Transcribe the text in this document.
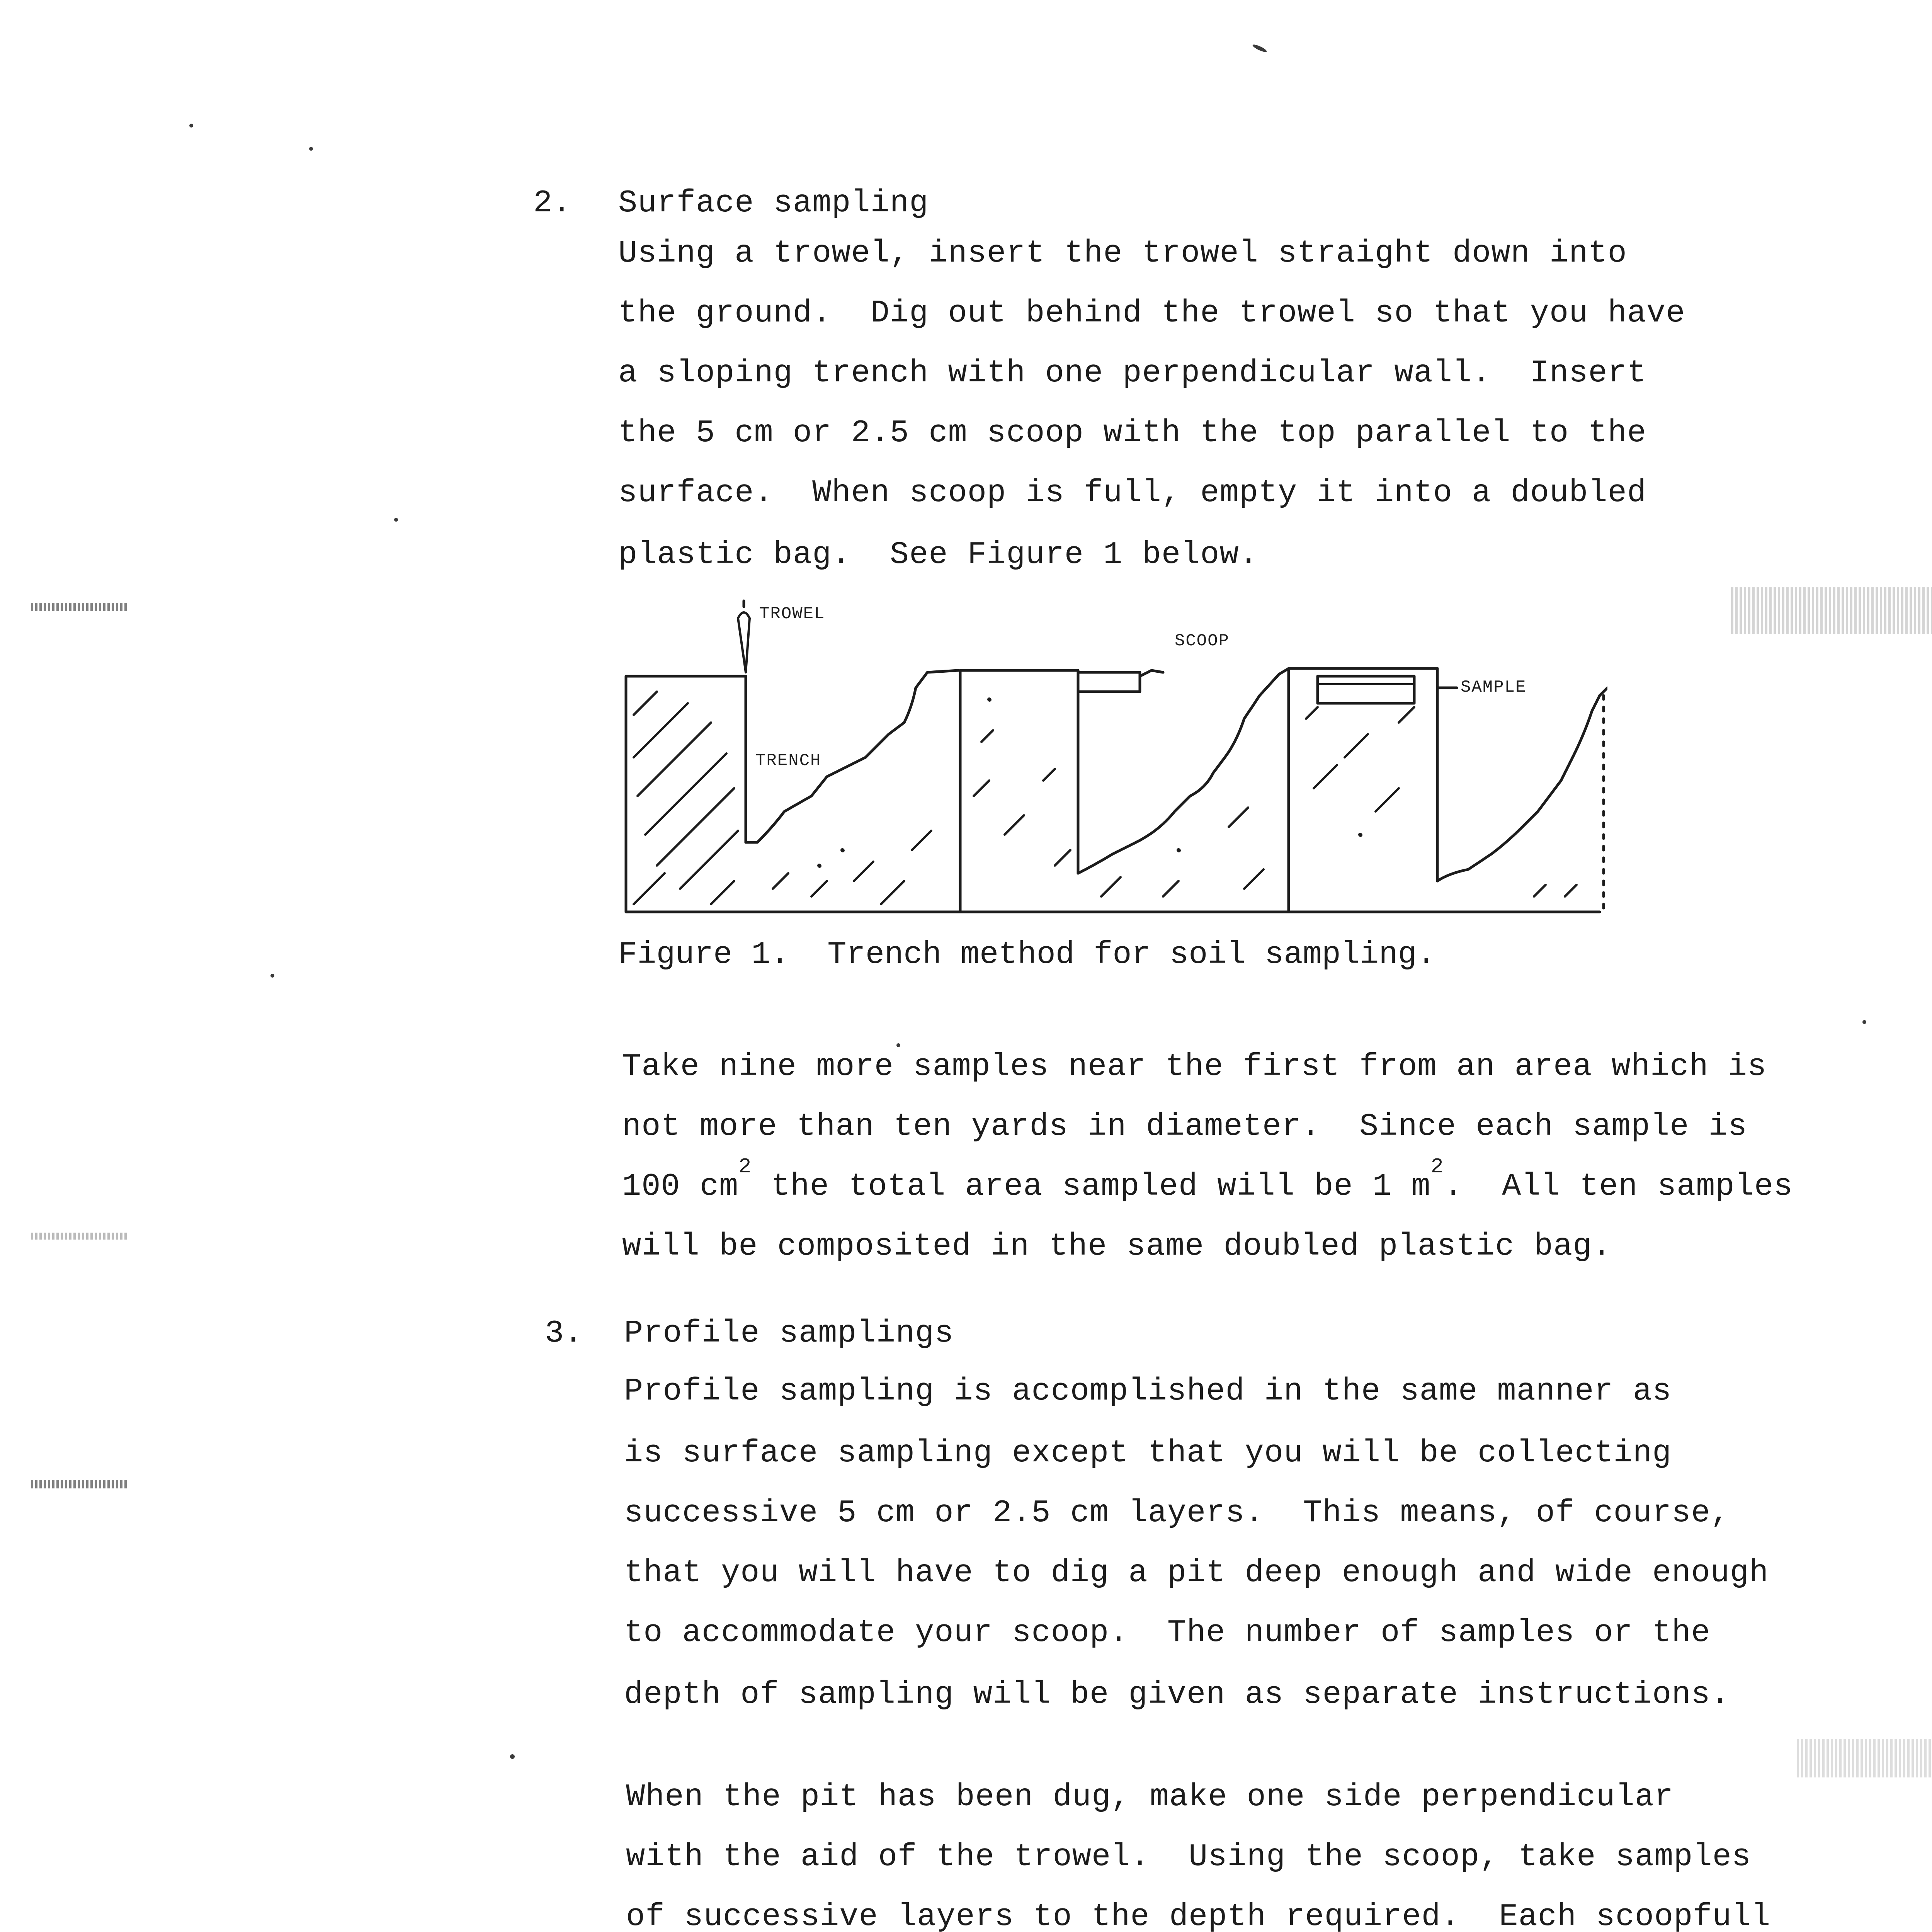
2. Surface sampling
Using a trowel, insert the trowel straight down into
the ground.  Dig out behind the trowel so that you have
a sloping trench with one perpendicular wall.  Insert
the 5 cm or 2.5 cm scoop with the top parallel to the
surface.  When scoop is full, empty it into a doubled
plastic bag.  See Figure 1 below.
TROWEL
TRENCH
SCOOP
SAMPLE
Figure 1.  Trench method for soil sampling.
Take nine more samples near the first from an area which is
not more than ten yards in diameter.  Since each sample is
100 $cm^2$ the total area sampled will be 1 $m^2$.  All ten samples
will be composited in the same doubled plastic bag.
3. Profile samplings
Profile sampling is accomplished in the same manner as
is surface sampling except that you will be collecting
successive 5 cm or 2.5 cm layers.  This means, of course,
that you will have to dig a pit deep enough and wide enough
to accommodate your scoop.  The number of samples or the
depth of sampling will be given as separate instructions.
When the pit has been dug, make one side perpendicular
with the aid of the trowel.  Using the scoop, take samples
of successive layers to the depth required.  Each scoopfull
